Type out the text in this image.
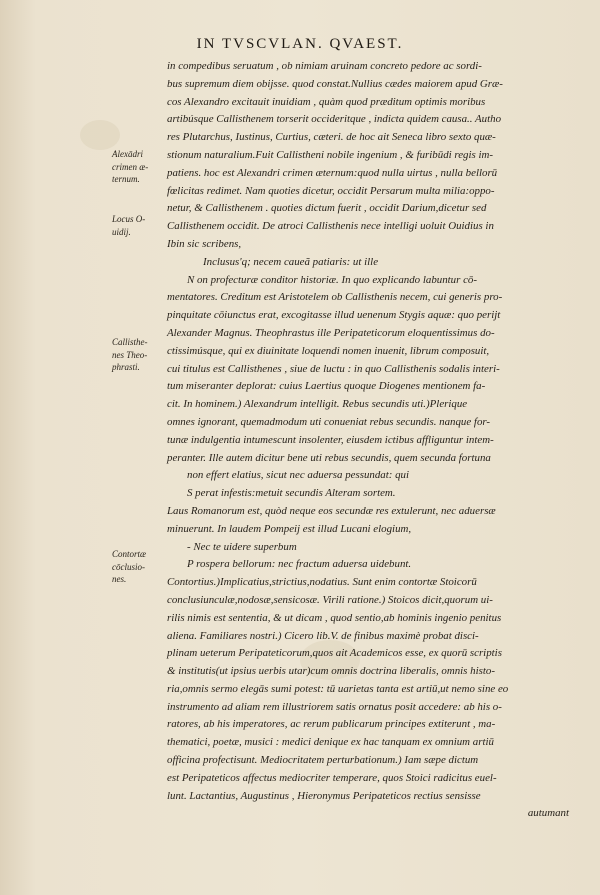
IN TVSCVLAN. QVAEST.
in compedibus seruatum , ob nimiam aruinam concreto pedore ac sordi-
bus supremum diem obijsse. quod constat.Nullius cædes maiorem apud Græ-
cos Alexandro excitauit inuidiam , quàm quod præditum optimis moribus
artibúsque Callisthenem torserit occideritque , indicta quidem causa.. Autho
res Plutarchus, Iustinus, Curtius, cæteri. de hoc ait Seneca libro sexto quæ-
stionum naturalium.Fuit Callistheni nobile ingenium , & furibūdi regis im-
patiens. hoc est Alexandri crimen æternum:quod nulla uirtus , nulla bellorū
fœlicitas redimet. Nam quoties dicetur, occidit Persarum multa milia:oppo-
netur, & Callisthenem . quoties dictum fuerit , occidit Darium,dicetur sed
Callisthenem occidit. De atroci Callisthenis nece intelligi uoluit Ouidius in
Ibin sic scribens,
Inclusus'q; necem caueã patiaris: ut ille
N on profecturæ conditor historiæ. In quo explicando labuntur cō-
mentatores. Creditum est Aristotelem ob Callisthenis necem, cui generis pro-
pinquitate cōiunctus erat, excogitasse illud uenenum Stygis aquæ: quo perijt
Alexander Magnus. Theophrastus ille Peripateticorum eloquentissimus do-
ctissimúsque, qui ex diuinitate loquendi nomen inuenit, librum composuit,
cui titulus est Callisthenes , siue de luctu : in quo Callisthenis sodalis interi-
tum miseranter deplorat: cuius Laertius quoque Diogenes mentionem fa-
cit. In hominem.) Alexandrum intelligit. Rebus secundis uti.)Plerique
omnes ignorant, quemadmodum uti conueniat rebus secundis. nanque for-
tunæ indulgentia intumescunt insolenter, eiusdem ictibus affliguntur intem-
peranter. Ille autem dicitur bene uti rebus secundis, quem secunda fortuna
non effert elatius, sicut nec aduersa pessundat: qui
S perat infestis:metuit secundis Alteram sortem.
Laus Romanorum est, quòd neque eos secundæ res extulerunt, nec aduersæ
minuerunt. In laudem Pompeij est illud Lucani elogium,
- Nec te uidere superbum
P rospera bellorum: nec fractum aduersa uidebunt.
Contortius.)Implicatius,strictius,nodatius. Sunt enim contortæ Stoicorū
conclusiunculæ,nodosæ,sensicosæ. Virili ratione.) Stoicos dicit,quorum ui-
rilis nimis est sententia, & ut dicam , quod sentio,ab hominis ingenio penitus
aliena. Familiares nostri.) Cicero lib.V. de finibus maximè probat disci-
plinam ueterum Peripateticorum,quos ait Academicos esse, ex quorū scriptis
& institutis(ut ipsius uerbis utar)cum omnis doctrina liberalis, omnis histo-
ria,omnis sermo elegās sumi potest: tū uarietas tanta est artiū,ut nemo sine eo
instrumento ad aliam rem illustriorem satis ornatus posit accedere: ab his o-
ratores, ab his imperatores, ac rerum publicarum principes extiterunt , ma-
thematici, poetæ, musici : medici denique ex hac tanquam ex omnium artiū
officina profectisunt. Mediocritatem perturbationum.) Iam sæpe dictum
est Peripateticos affectus mediocriter temperare, quos Stoici radicitus euel-
lunt. Lactantius, Augustinus , Hieronymus Peripateticos rectius sensisse
autumant
Alexādri
crimen æ-
ternum.
Locus O-
uidij.
Callisthe-
nes Theo-
phrasti.
Contortæ
cōclusio-
nes.
